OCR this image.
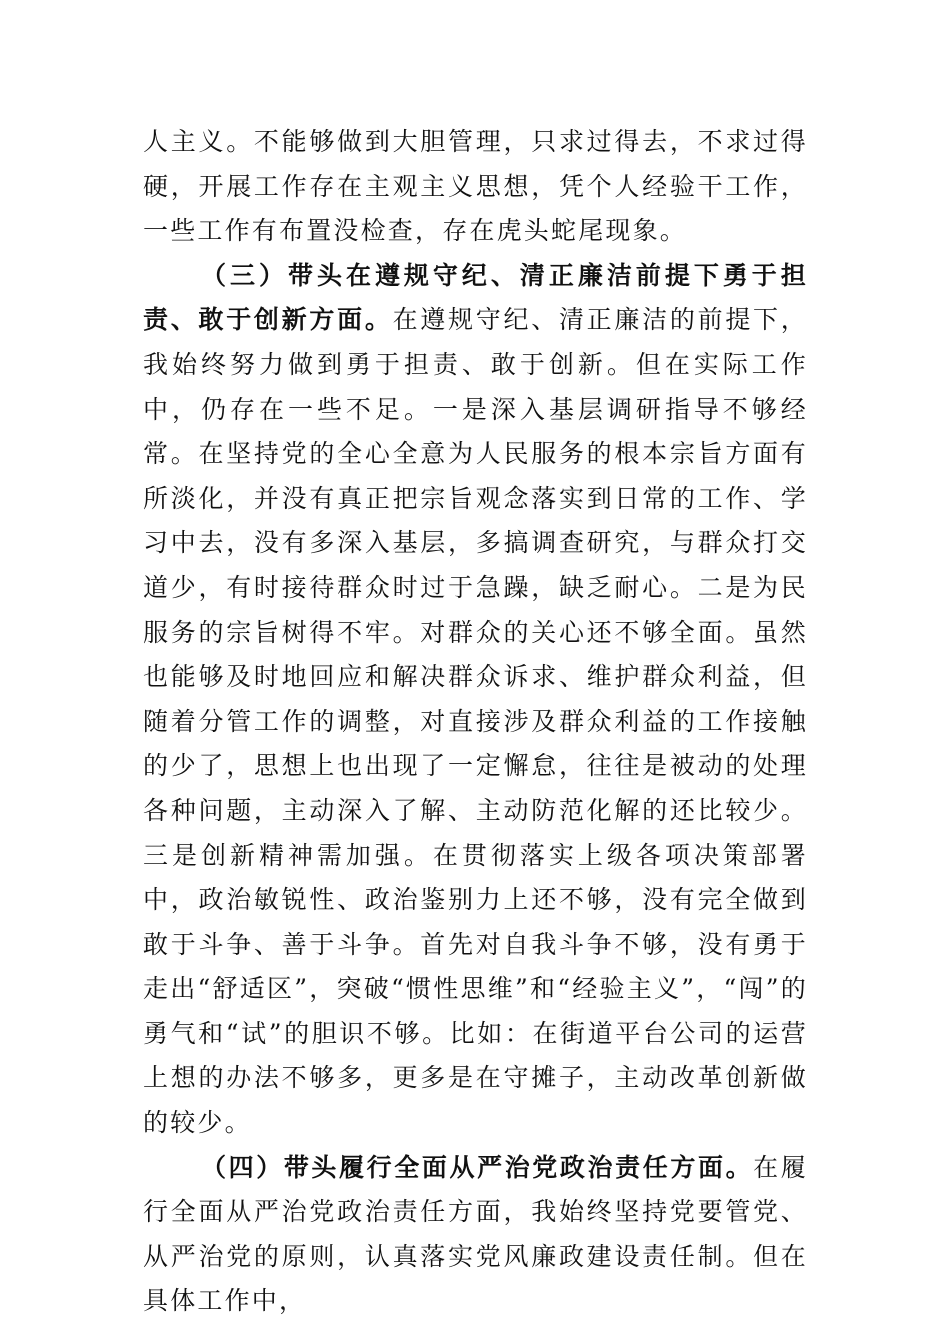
人主义。不能够做到大胆管理，只求过得去，不求过得硬，开展工作存在主观主义思想，凭个人经验干工作，一些工作有布置没检查，存在虎头蛇尾现象。

（三）带头在遵规守纪、清正廉洁前提下勇于担责、敢于创新方面。在遵规守纪、清正廉洁的前提下，我始终努力做到勇于担责、敢于创新。但在实际工作中，仍存在一些不足。一是深入基层调研指导不够经常。在坚持党的全心全意为人民服务的根本宗旨方面有所淡化，并没有真正把宗旨观念落实到日常的工作、学习中去，没有多深入基层，多搞调查研究，与群众打交道少，有时接待群众时过于急躁，缺乏耐心。二是为民服务的宗旨树得不牢。对群众的关心还不够全面。虽然也能够及时地回应和解决群众诉求、维护群众利益，但随着分管工作的调整，对直接涉及群众利益的工作接触的少了，思想上也出现了一定懈怠，往往是被动的处理各种问题，主动深入了解、主动防范化解的还比较少。三是创新精神需加强。在贯彻落实上级各项决策部署中，政治敏锐性、政治鉴别力上还不够，没有完全做到敢于斗争、善于斗争。首先对自我斗争不够，没有勇于走出“舒适区”，突破“惯性思维”和“经验主义”，“闯”的勇气和“试”的胆识不够。比如：在街道平台公司的运营上想的办法不够多，更多是在守摊子，主动改革创新做的较少。

（四）带头履行全面从严治党政治责任方面。在履行全面从严治党政治责任方面，我始终坚持党要管党、从严治党的原则，认真落实党风廉政建设责任制。但在具体工作中，
